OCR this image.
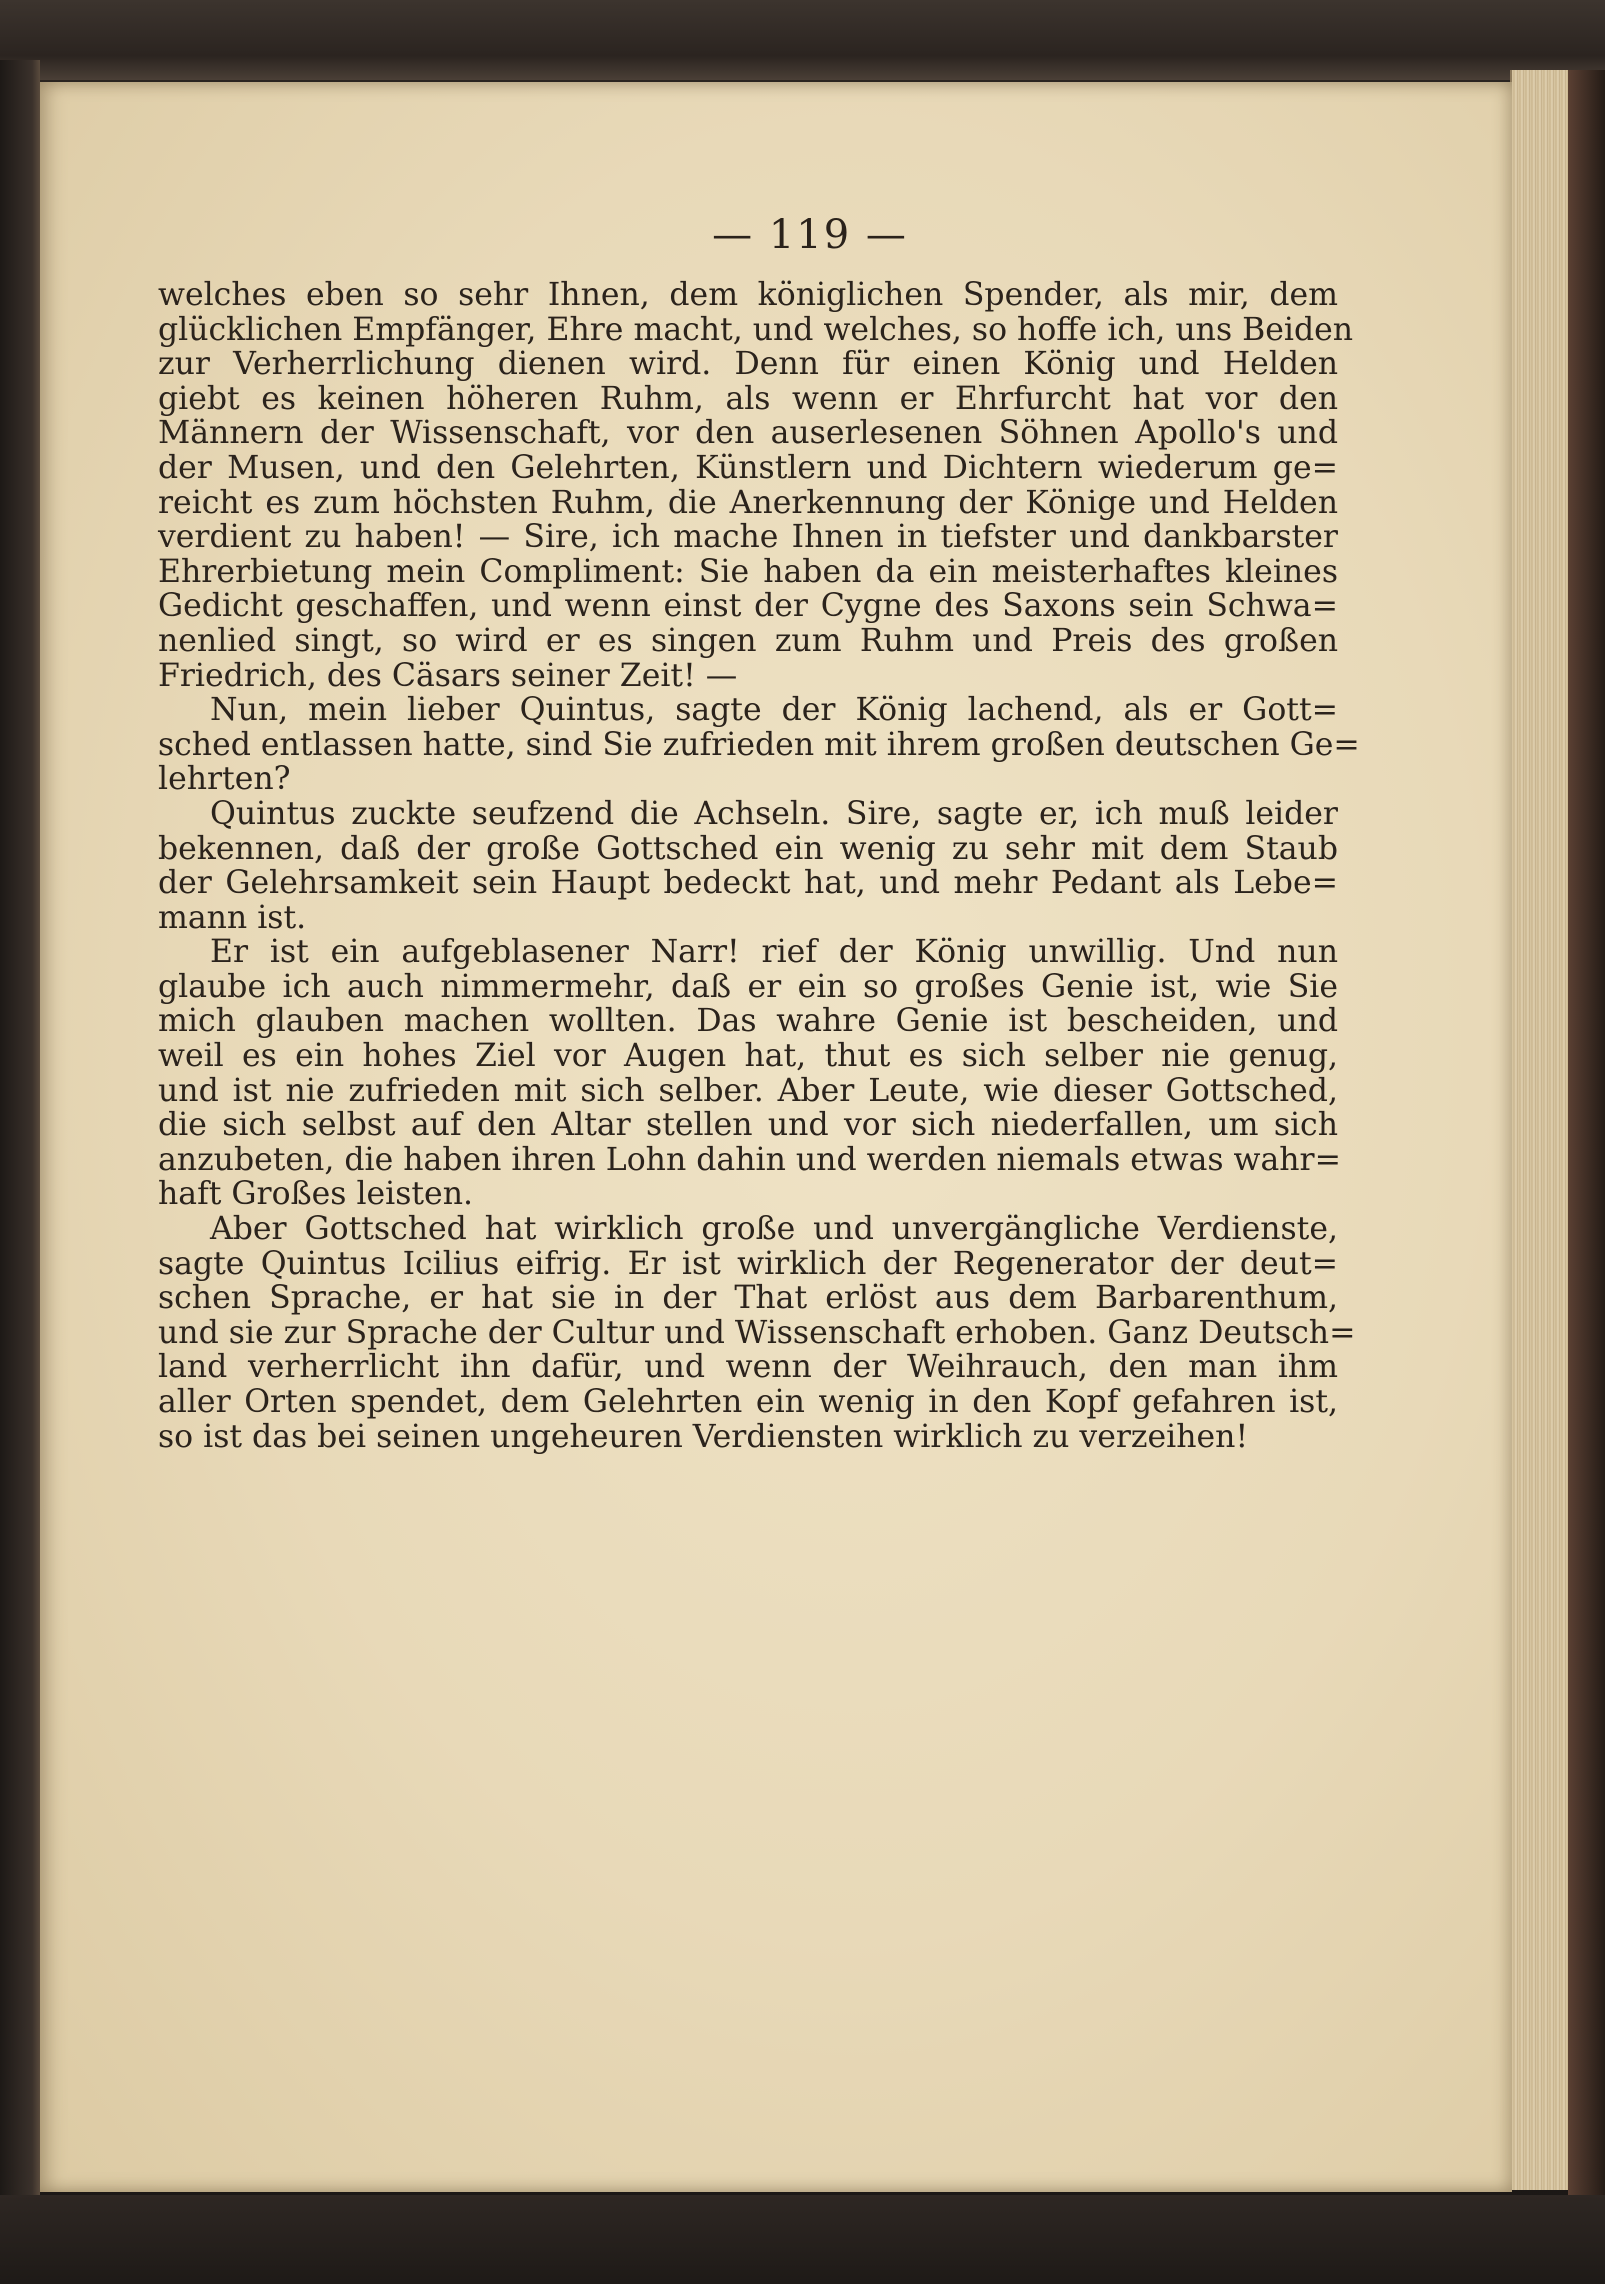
— 119 —
welches eben so sehr Ihnen, dem königlichen Spender, als mir, dem
glücklichen Empfänger, Ehre macht, und welches, so hoffe ich, uns Beiden
zur Verherrlichung dienen wird. Denn für einen König und Helden
giebt es keinen höheren Ruhm, als wenn er Ehrfurcht hat vor den
Männern der Wissenschaft, vor den auserlesenen Söhnen Apollo's und
der Musen, und den Gelehrten, Künstlern und Dichtern wiederum ge=
reicht es zum höchsten Ruhm, die Anerkennung der Könige und Helden
verdient zu haben! — Sire, ich mache Ihnen in tiefster und dankbarster
Ehrerbietung mein Compliment: Sie haben da ein meisterhaftes kleines
Gedicht geschaffen, und wenn einst der Cygne des Saxons sein Schwa=
nenlied singt, so wird er es singen zum Ruhm und Preis des großen
Friedrich, des Cäsars seiner Zeit! —
Nun, mein lieber Quintus, sagte der König lachend, als er Gott=
sched entlassen hatte, sind Sie zufrieden mit ihrem großen deutschen Ge=
lehrten?
Quintus zuckte seufzend die Achseln. Sire, sagte er, ich muß leider
bekennen, daß der große Gottsched ein wenig zu sehr mit dem Staub
der Gelehrsamkeit sein Haupt bedeckt hat, und mehr Pedant als Lebe=
mann ist.
Er ist ein aufgeblasener Narr! rief der König unwillig. Und nun
glaube ich auch nimmermehr, daß er ein so großes Genie ist, wie Sie
mich glauben machen wollten. Das wahre Genie ist bescheiden, und
weil es ein hohes Ziel vor Augen hat, thut es sich selber nie genug,
und ist nie zufrieden mit sich selber. Aber Leute, wie dieser Gottsched,
die sich selbst auf den Altar stellen und vor sich niederfallen, um sich
anzubeten, die haben ihren Lohn dahin und werden niemals etwas wahr=
haft Großes leisten.
Aber Gottsched hat wirklich große und unvergängliche Verdienste,
sagte Quintus Icilius eifrig. Er ist wirklich der Regenerator der deut=
schen Sprache, er hat sie in der That erlöst aus dem Barbarenthum,
und sie zur Sprache der Cultur und Wissenschaft erhoben. Ganz Deutsch=
land verherrlicht ihn dafür, und wenn der Weihrauch, den man ihm
aller Orten spendet, dem Gelehrten ein wenig in den Kopf gefahren ist,
so ist das bei seinen ungeheuren Verdiensten wirklich zu verzeihen!
